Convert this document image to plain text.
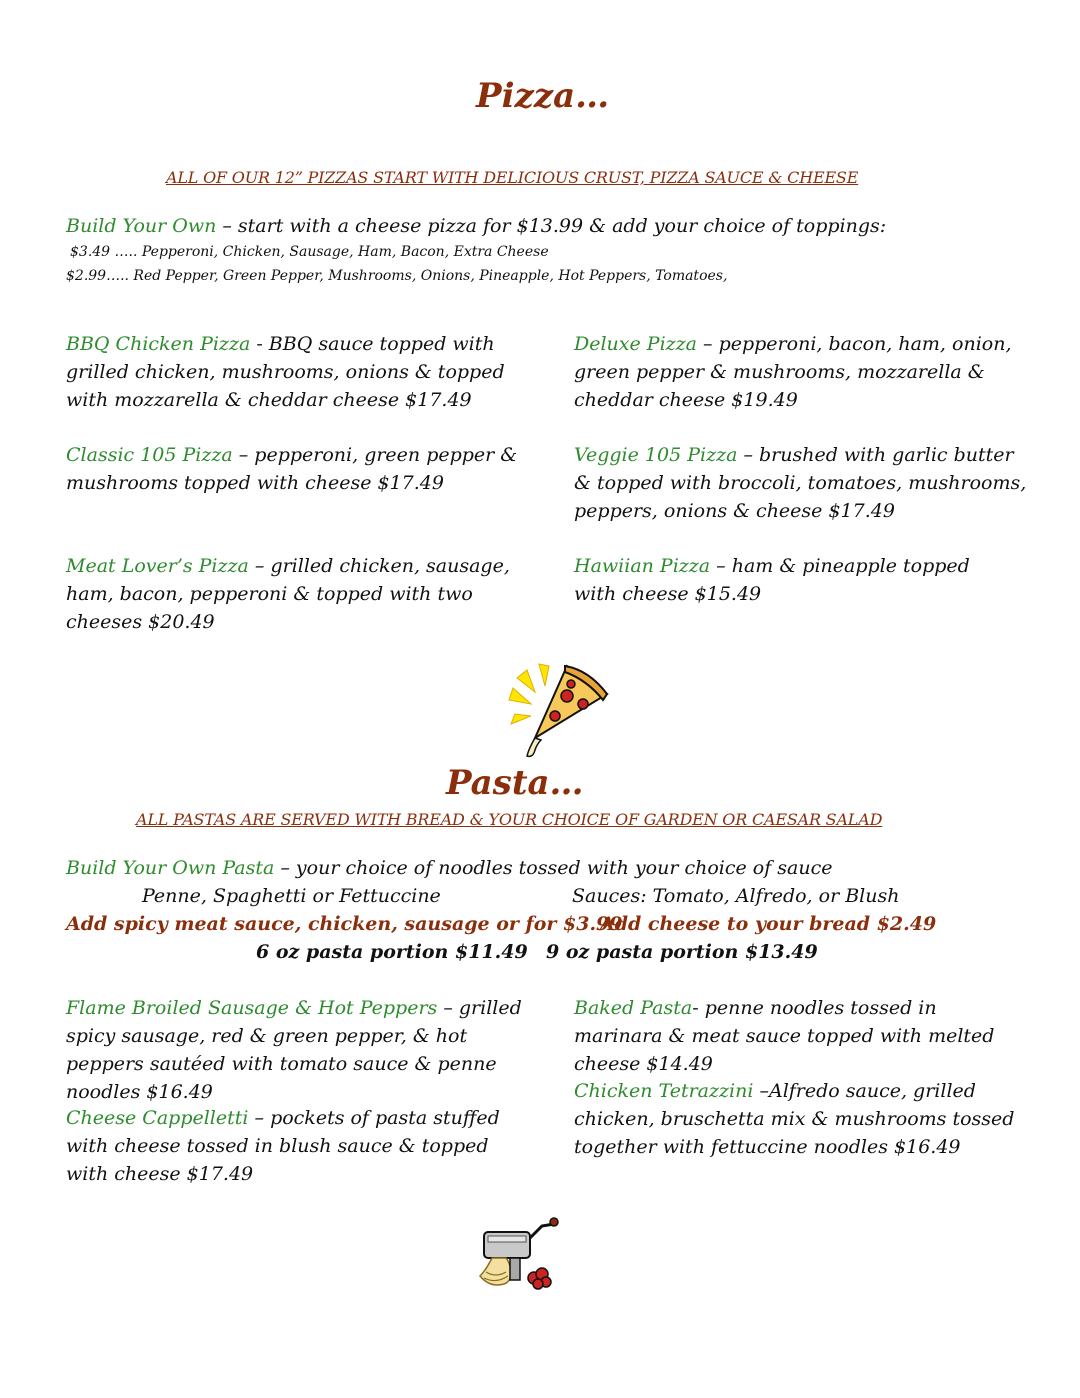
Pizza…
ALL OF OUR 12” PIZZAS START WITH DELICIOUS CRUST, PIZZA SAUCE & CHEESE
Build Your Own – start with a cheese pizza for $13.99 & add your choice of toppings:
$3.49 ….. Pepperoni, Chicken, Sausage, Ham, Bacon, Extra Cheese
$2.99….. Red Pepper, Green Pepper, Mushrooms, Onions, Pineapple, Hot Peppers, Tomatoes,
BBQ Chicken Pizza - BBQ sauce topped with grilled chicken, mushrooms, onions & topped with mozzarella & cheddar cheese $17.49
Deluxe Pizza – pepperoni, bacon, ham, onion, green pepper & mushrooms, mozzarella & cheddar cheese $19.49
Classic 105 Pizza – pepperoni, green pepper & mushrooms topped with cheese $17.49
Veggie 105 Pizza – brushed with garlic butter & topped with broccoli, tomatoes, mushrooms, peppers, onions & cheese $17.49
Meat Lover’s Pizza – grilled chicken, sausage, ham, bacon, pepperoni & topped with two cheeses $20.49
Hawiian Pizza – ham & pineapple topped with cheese $15.49
Pasta…
ALL PASTAS ARE SERVED WITH BREAD & YOUR CHOICE OF GARDEN OR CAESAR SALAD
Build Your Own Pasta – your choice of noodles tossed with your choice of sauce
Penne, Spaghetti or Fettuccine	Sauces: Tomato, Alfredo, or Blush
Add spicy meat sauce, chicken, sausage or for $3.99
Add cheese to your bread $2.49
6 oz pasta portion $11.49 9 oz pasta portion $13.49
Flame Broiled Sausage & Hot Peppers – grilled spicy sausage, red & green pepper, & hot peppers sautéed with tomato sauce & penne noodles $16.49
Baked Pasta- penne noodles tossed in marinara & meat sauce topped with melted cheese $14.49
Chicken Tetrazzini –Alfredo sauce, grilled chicken, bruschetta mix & mushrooms tossed together with fettuccine noodles $16.49
Cheese Cappelletti – pockets of pasta stuffed with cheese tossed in blush sauce & topped with cheese $17.49
